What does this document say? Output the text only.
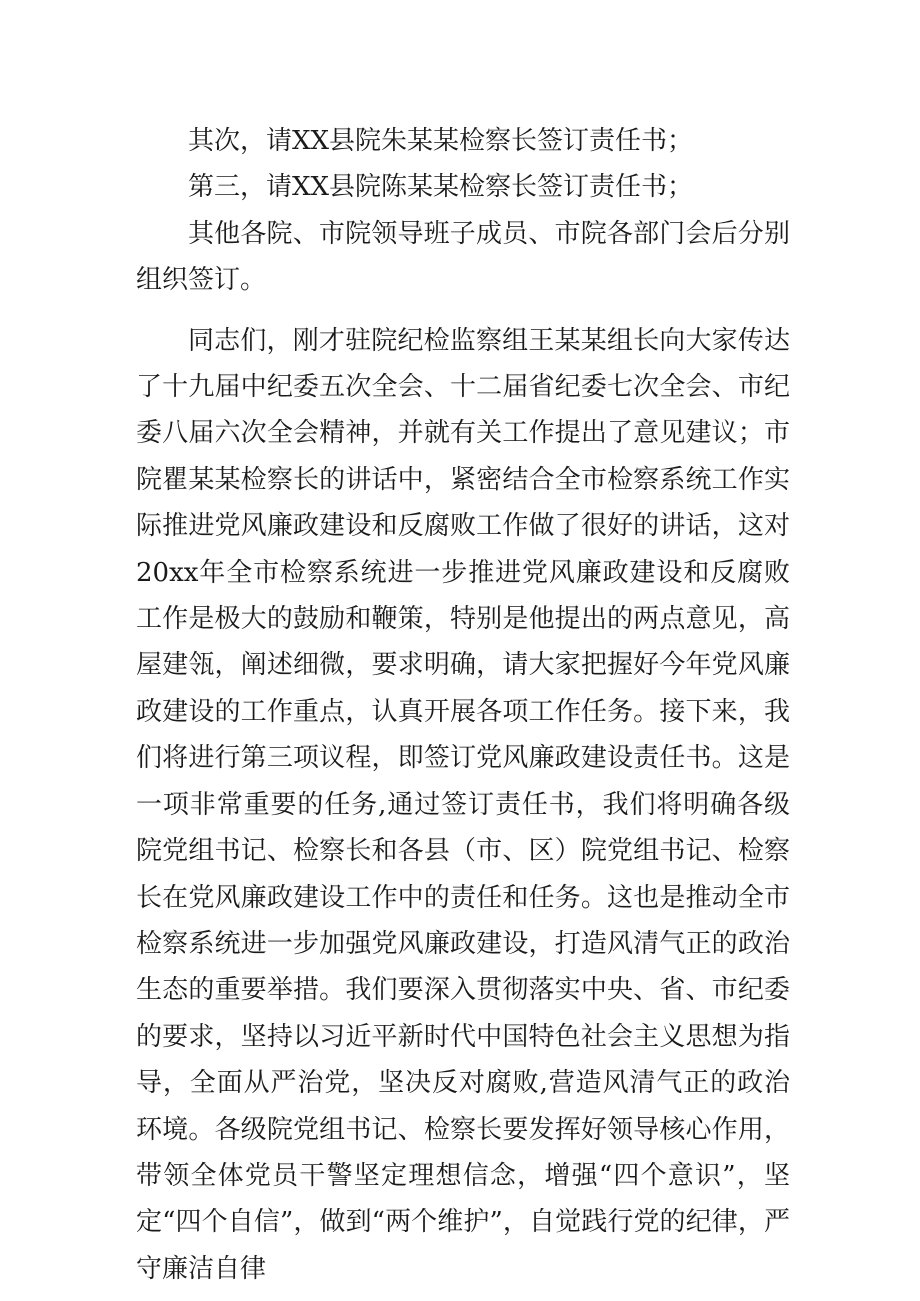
其次，请XX县院朱某某检察长签订责任书；

第三，请XX县院陈某某检察长签订责任书；

其他各院、市院领导班子成员、市院各部门会后分别组织签订。

同志们，刚才驻院纪检监察组王某某组长向大家传达了十九届中纪委五次全会、十二届省纪委七次全会、市纪委八届六次全会精神，并就有关工作提出了意见建议；市院瞿某某检察长的讲话中，紧密结合全市检察系统工作实际推进党风廉政建设和反腐败工作做了很好的讲话，这对20xx年全市检察系统进一步推进党风廉政建设和反腐败工作是极大的鼓励和鞭策，特别是他提出的两点意见，高屋建瓴，阐述细微，要求明确，请大家把握好今年党风廉政建设的工作重点，认真开展各项工作任务。接下来，我们将进行第三项议程，即签订党风廉政建设责任书。这是一项非常重要的任务,通过签订责任书，我们将明确各级院党组书记、检察长和各县（市、区）院党组书记、检察长在党风廉政建设工作中的责任和任务。这也是推动全市检察系统进一步加强党风廉政建设，打造风清气正的政治生态的重要举措。我们要深入贯彻落实中央、省、市纪委的要求，坚持以习近平新时代中国特色社会主义思想为指导，全面从严治党，坚决反对腐败,营造风清气正的政治环境。各级院党组书记、检察长要发挥好领导核心作用，带领全体党员干警坚定理想信念，增强“四个意识”，坚定“四个自信”，做到“两个维护”，自觉践行党的纪律，严守廉洁自律
